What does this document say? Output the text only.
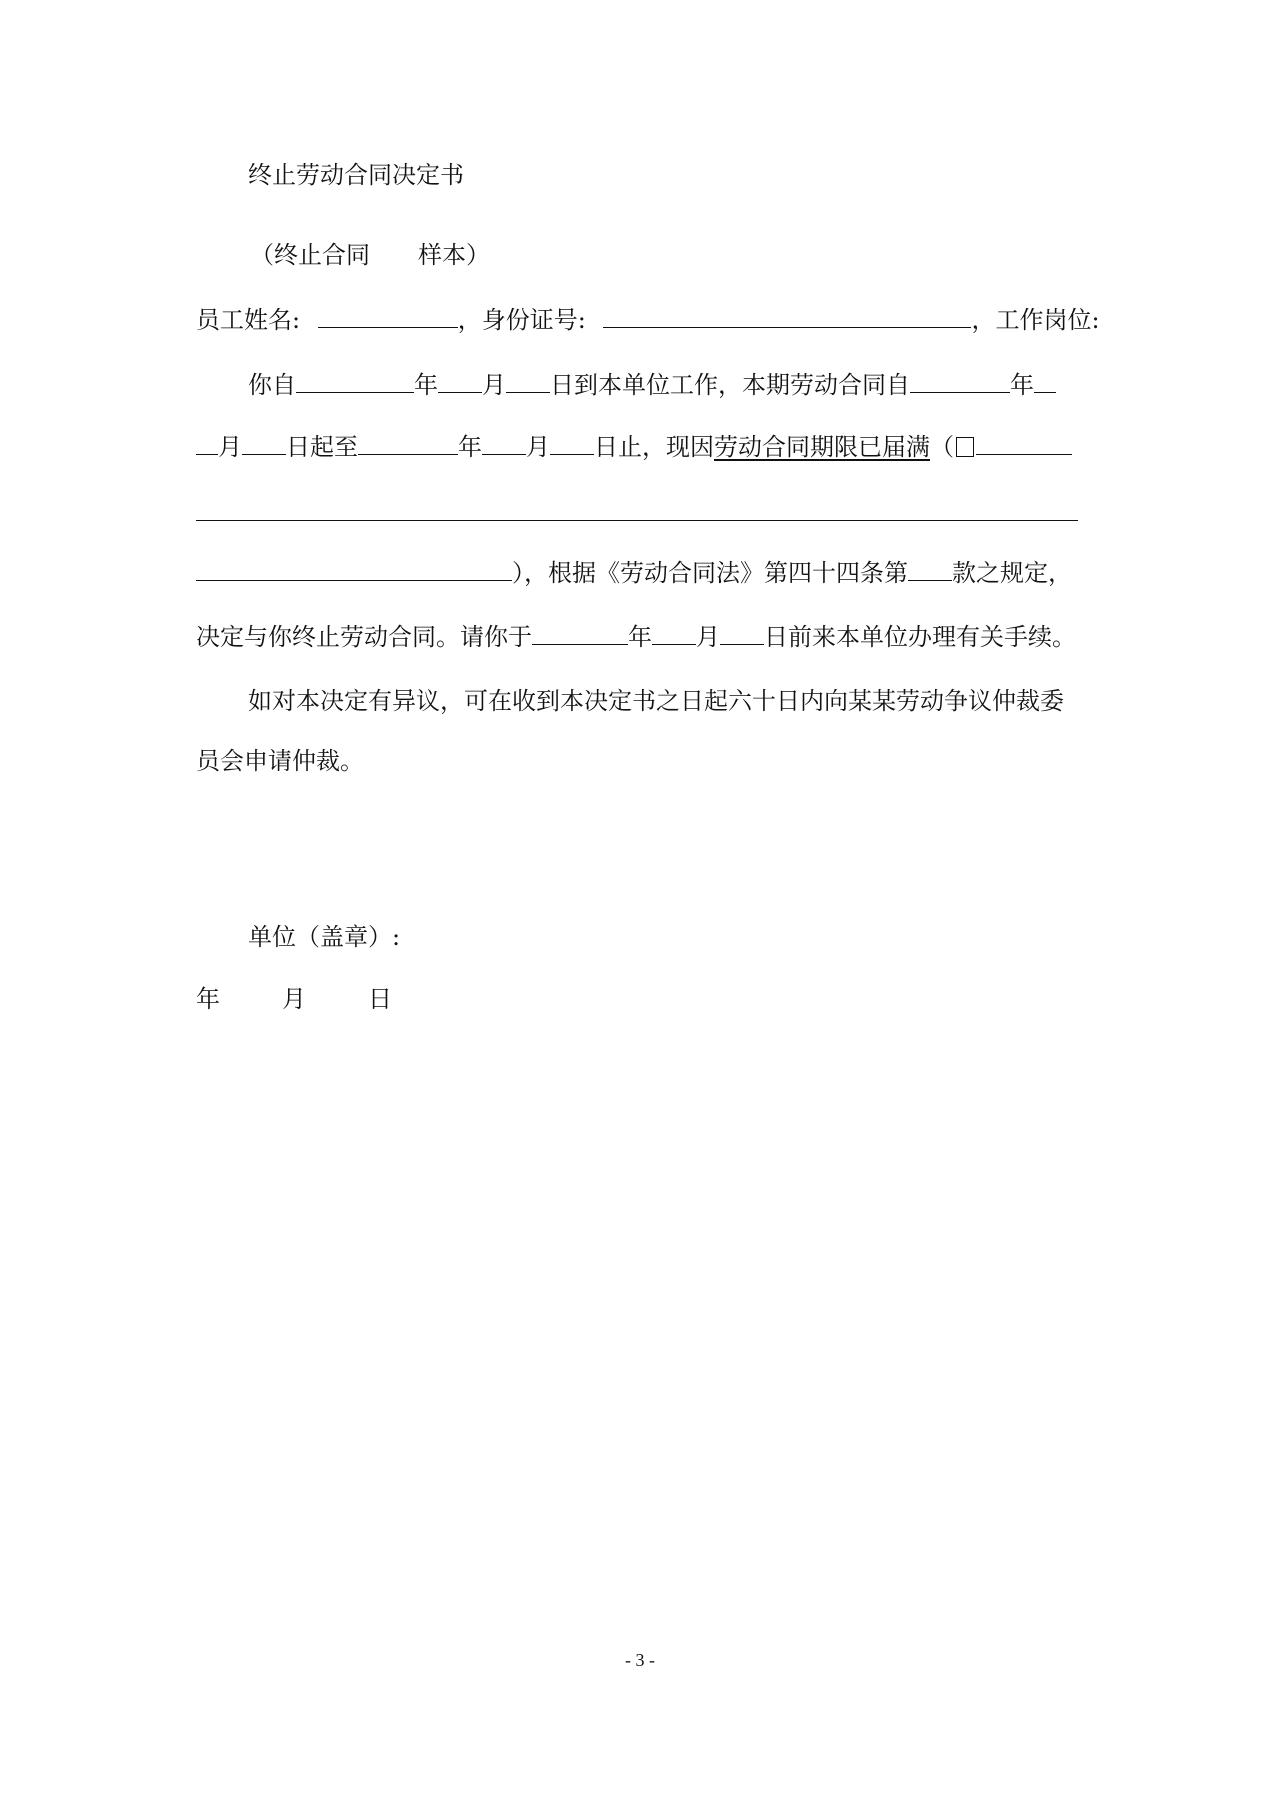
终止劳动合同决定书
（终止合同　　样本）
员工姓名:	，身份证号:	，工作岗位:
你自	年 月 日到本单位工作，本期劳动合同自	年
月 日起至	年 月 日止，现因劳动合同期限已届满（
），根据《劳动合同法》第四十四条第 款之规定，
决定与你终止劳动合同。请你于	年 月 日前来本单位办理有关手续。
如对本决定有异议，可在收到本决定书之日起六十日内向某某劳动争议仲裁委
员会申请仲裁。
单位（盖章）:
年	月	日
- 3 -
